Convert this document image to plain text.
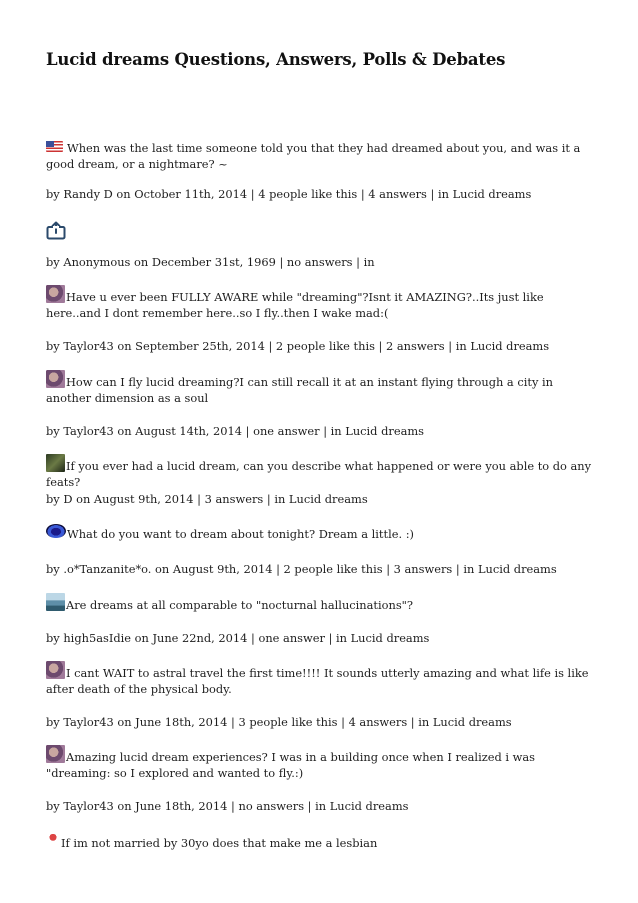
Lucid dreams Questions, Answers, Polls & Debates
When was the last time someone told you that they had dreamed about you, and was it a good dream, or a nightmare? ~
by Randy D on October 11th, 2014 | 4 people like this | 4 answers | in Lucid dreams
by Anonymous on December 31st, 1969 | no answers | in
Have u ever been FULLY AWARE while "dreaming"?Isnt it AMAZING?..Its just like here..and I dont remember here..so I fly..then I wake mad:(
by Taylor43 on September 25th, 2014 | 2 people like this | 2 answers | in Lucid dreams
How can I fly lucid dreaming?I can still recall it at an instant flying through a city in another dimension as a soul
by Taylor43 on August 14th, 2014 | one answer | in Lucid dreams
If you ever had a lucid dream, can you describe what happened or were you able to do any feats?
by D on August 9th, 2014 | 3 answers | in Lucid dreams
What do you want to dream about tonight? Dream a little. :)
by .o*Tanzanite*o. on August 9th, 2014 | 2 people like this | 3 answers | in Lucid dreams
Are dreams at all comparable to "nocturnal hallucinations"?
by high5asIdie on June 22nd, 2014 | one answer | in Lucid dreams
I cant WAIT to astral travel the first time!!!! It sounds utterly amazing and what life is like after death of the physical body.
by Taylor43 on June 18th, 2014 | 3 people like this | 4 answers | in Lucid dreams
Amazing lucid dream experiences? I was in a building once when I realized i was "dreaming: so I explored and wanted to fly.:)
by Taylor43 on June 18th, 2014 | no answers | in Lucid dreams
If im not married by 30yo does that make me a lesbian
